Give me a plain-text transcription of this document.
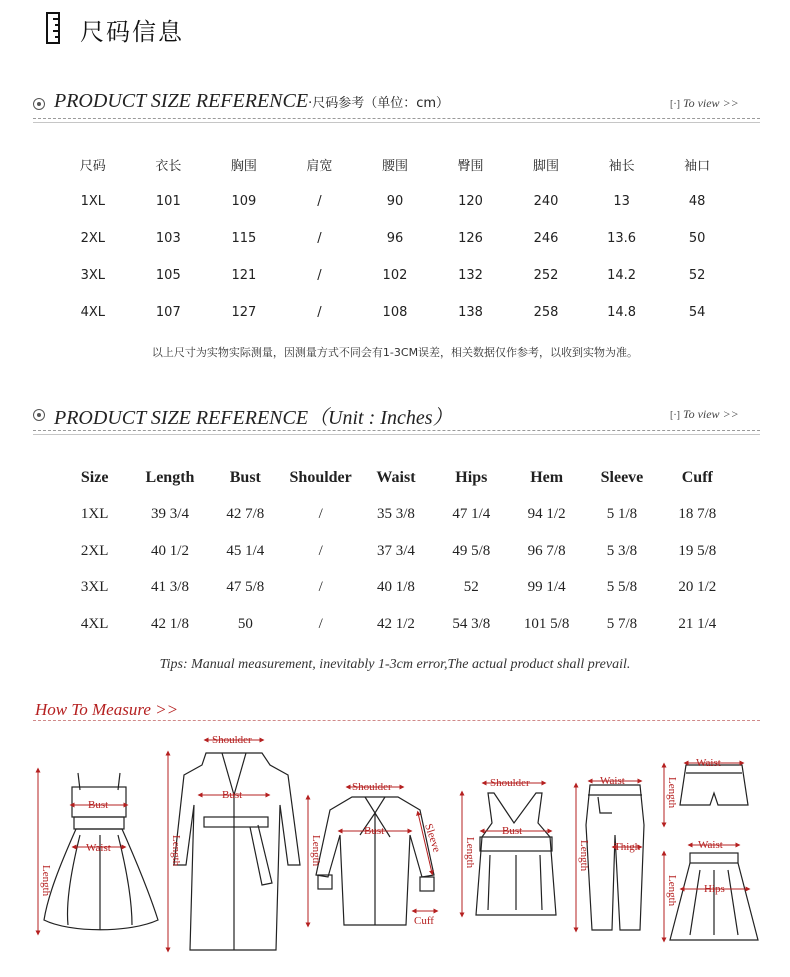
尺码信息
PRODUCT SIZE REFERENCE·尺码参考（单位：cm）	[·] To view >>
尺码	衣长	胸围	肩宽	腰围	臀围	脚围	袖长	袖口
1XL	101	109	/	90	120	240	13	48
2XL	103	115	/	96	126	246	13.6	50
3XL	105	121	/	102	132	252	14.2	52
4XL	107	127	/	108	138	258	14.8	54
以上尺寸为实物实际测量，因测量方式不同会有1-3CM误差，相关数据仅作参考，以收到实物为准。
PRODUCT SIZE REFERENCE（Unit : Inches）	[·] To view >>
Size	Length	Bust	Shoulder	Waist	Hips	Hem	Sleeve	Cuff
1XL	39 3/4	42 7/8	/	35 3/8	47 1/4	94 1/2	5 1/8	18 7/8
2XL	40 1/2	45 1/4	/	37 3/4	49 5/8	96 7/8	5 3/8	19 5/8
3XL	41 3/8	47 5/8	/	40 1/8	52	99 1/4	5 5/8	20 1/2
4XL	42 1/8	50	/	42 1/2	54 3/8	101 5/8	5 7/8	21 1/4
Tips: Manual measurement, inevitably 1-3cm error,The actual product shall prevail.
How To Measure >>
Bust
Waist
Length
Shoulder
Bust
Length
Shoulder
Bust
Length	Sleeve
Cuff
Shoulder
Bust
Length
Waist
Length Thigh
Waist
Length
Waist
Hips
Length
